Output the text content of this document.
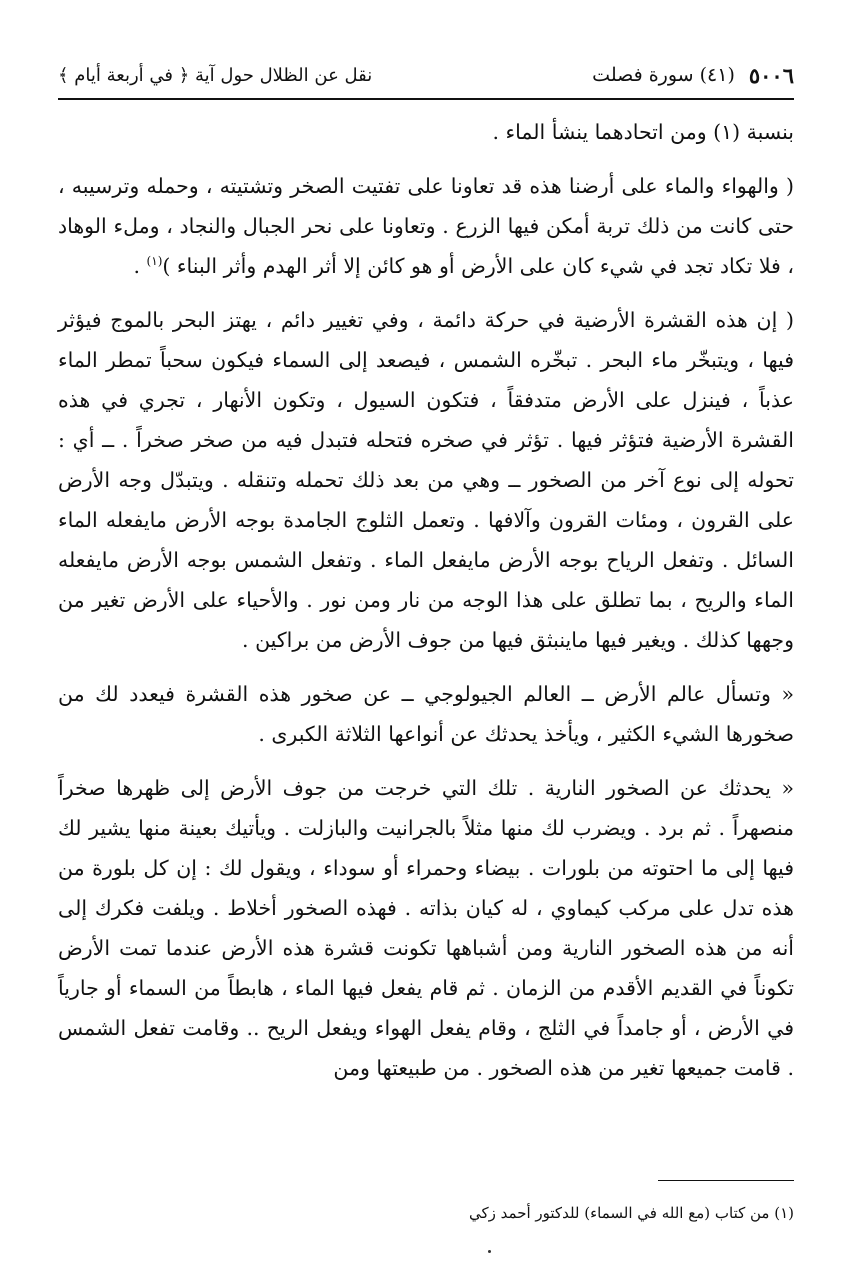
٥٠٠٦
(٤١) سورة فصلت
نقل عن الظلال حول آية ﴿ في أربعة أيام ﴾

بنسبة (١) ومن اتحادهما ينشأ الماء .

( والهواء والماء على أرضنا هذه قد تعاونا على تفتيت الصخر وتشتيته ، وحمله وترسيبه ، حتى كانت من ذلك تربة أمكن فيها الزرع . وتعاونا على نحر الجبال والنجاد ، وملء الوهاد ، فلا تكاد تجد في شيء كان على الأرض أو هو كائن إلا أثر الهدم وأثر البناء )$^{(١)}$ .

( إن هذه القشرة الأرضية في حركة دائمة ، وفي تغيير دائم ، يهتز البحر بالموج فيؤثر فيها ، ويتبخّر ماء البحر . تبخّره الشمس ، فيصعد إلى السماء فيكون سحباً تمطر الماء عذباً ، فينزل على الأرض متدفقاً ، فتكون السيول ، وتكون الأنهار ، تجري في هذه القشرة الأرضية فتؤثر فيها . تؤثر في صخره فتحله فتبدل فيه من صخر صخراً . ــ أي : تحوله إلى نوع آخر من الصخور ــ وهي من بعد ذلك تحمله وتنقله . ويتبدّل وجه الأرض على القرون ، ومئات القرون وآلافها . وتعمل الثلوج الجامدة بوجه الأرض مايفعله الماء السائل . وتفعل الرياح بوجه الأرض مايفعل الماء . وتفعل الشمس بوجه الأرض مايفعله الماء والريح ، بما تطلق على هذا الوجه من نار ومن نور . والأحياء على الأرض تغير من وجهها كذلك . ويغير فيها ماينبثق فيها من جوف الأرض من براكين .

« وتسأل عالم الأرض ــ العالم الجيولوجي ــ عن صخور هذه القشرة فيعدد لك من صخورها الشيء الكثير ، ويأخذ يحدثك عن أنواعها الثلاثة الكبرى .

« يحدثك عن الصخور النارية . تلك التي خرجت من جوف الأرض إلى ظهرها صخراً منصهراً . ثم برد . ويضرب لك منها مثلاً بالجرانيت والبازلت . ويأتيك بعينة منها يشير لك فيها إلى ما احتوته من بلورات . بيضاء وحمراء أو سوداء ، ويقول لك : إن كل بلورة من هذه تدل على مركب كيماوي ، له كيان بذاته . فهذه الصخور أخلاط . ويلفت فكرك إلى أنه من هذه الصخور النارية ومن أشباهها تكونت قشرة هذه الأرض عندما تمت الأرض تكوناً في القديم الأقدم من الزمان . ثم قام يفعل فيها الماء ، هابطاً من السماء أو جارياً في الأرض ، أو جامداً في الثلج ، وقام يفعل الهواء ويفعل الريح .. وقامت تفعل الشمس . قامت جميعها تغير من هذه الصخور . من طبيعتها ومن

(١) من كتاب (مع الله في السماء) للدكتور أحمد زكي
